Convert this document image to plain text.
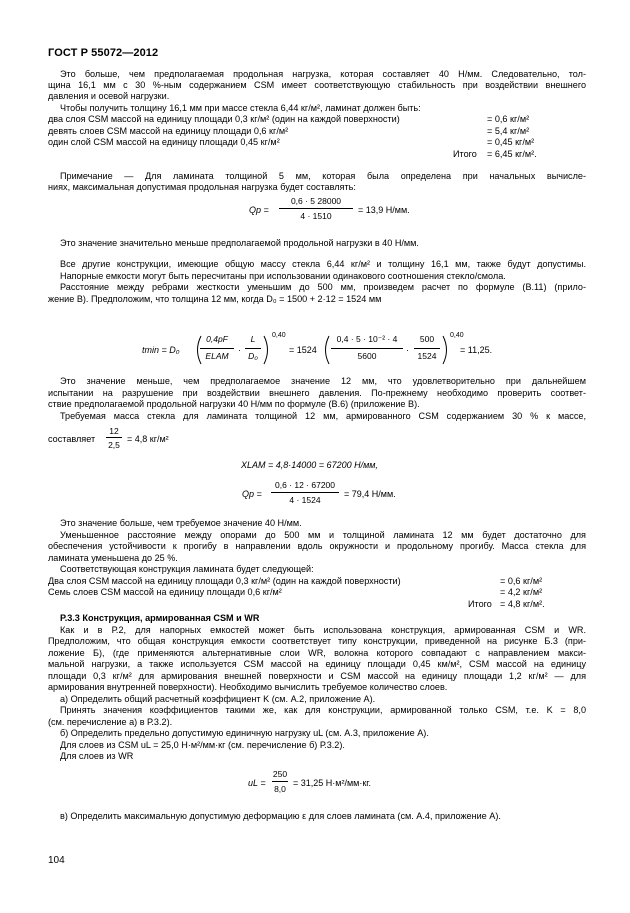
ГОСТ Р 55072—2012
Это больше, чем предполагаемая продольная нагрузка, которая составляет 40 Н/мм. Следовательно, тол-
щина 16,1 мм с 30 %-ным содержанием CSM имеет соответствующую стабильность при воздействии внешнего
давления и осевой нагрузки.
Чтобы получить толщину 16,1 мм при массе стекла 6,44 кг/м², ламинат должен быть:
два слоя CSM массой на единицу площади 0,3 кг/м² (один на каждой поверхности)	= 0,6 кг/м²
девять слоев CSM массой на единицу площади 0,6 кг/м²	= 5,4 кг/м²
один слой CSM массой на единицу площади 0,45 кг/м²	= 0,45 кг/м²
Итого = 6,45 кг/м².
Примечание — Для ламината толщиной 5 мм, которая была определена при начальных вычисле-
ниях, максимальная допустимая продольная нагрузка будет составлять:
Qp =
0,6 · 5 28000
4 · 1510
= 13,9 Н/мм.
Это значение значительно меньше предполагаемой продольной нагрузки в 40 Н/мм.
Все другие конструкции, имеющие общую массу стекла 6,44 кг/м² и толщину 16,1 мм, также будут допустимы.
Напорные емкости могут быть пересчитаны при использовании одинакового соотношения стекло/смола.
Расстояние между ребрами жесткости уменьшим до 500 мм, произведем расчет по формуле (В.11) (прило-
жение В). Предположим, что толщина 12 мм, когда D₀ = 1500 + 2·12 = 1524 мм
tmin = D₀
0,4pF
ELAM
·
L
D₀
0,40
= 1524
0,4 · 5 · 10⁻² · 4
5600
·
500
1524
0,40
= 11,25.
Это значение меньше, чем предполагаемое значение 12 мм, что удовлетворительно при дальнейшем
испытании на разрушение при воздействии внешнего давления. По-прежнему необходимо проверить соответ-
ствие предполагаемой продольной нагрузки 40 Н/мм по формуле (В.6) (приложение В).
Требуемая масса стекла для ламината толщиной 12 мм, армированного CSM содержанием 30 % к массе,
составляет
12
2,5
= 4,8 кг/м²
XLAM = 4,8·14000 = 67200 Н/мм,
Qp =
0,6 · 12 · 67200
4 · 1524
= 79,4 Н/мм.
Это значение больше, чем требуемое значение 40 Н/мм.
Уменьшенное расстояние между опорами до 500 мм и толщиной ламината 12 мм будет достаточно для
обеспечения устойчивости к прогибу в направлении вдоль окружности и продольному прогибу. Масса стекла для
ламината уменьшена до 25 %.
Соответствующая конструкция ламината будет следующей:
Два слоя CSM массой на единицу площади 0,3 кг/м² (один на каждой поверхности)	= 0,6 кг/м²
Семь слоев CSM массой на единицу площади 0,6 кг/м²	= 4,2 кг/м²
Итого = 4,8 кг/м².
Р.3.3 Конструкция, армированная CSM и WR
Как и в Р.2, для напорных емкостей может быть использована конструкция, армированная CSM и WR.
Предположим, что общая конструкция емкости соответствует типу конструкции, приведенной на рисунке Б.3 (при-
ложение Б), (где применяются альтернативные слои WR, волокна которого совпадают с направлением макси-
мальной нагрузки, а также используется CSM массой на единицу площади 0,45 км/м², CSM массой на единицу
площади 0,3 кг/м² для армирования внешней поверхности и CSM массой на единицу площади 1,2 кг/м² — для
армирования внутренней поверхности). Необходимо вычислить требуемое количество слоев.
а) Определить общий расчетный коэффициент K (см. А.2, приложение А).
Принять значения коэффициентов такими же, как для конструкции, армированной только CSM, т.е. K = 8,0
(см. перечисление а) в Р.3.2).
б) Определить предельно допустимую единичную нагрузку uL (см. А.3, приложение А).
Для слоев из CSM uL = 25,0 Н·м²/мм·кг (см. перечисление б) Р.3.2).
Для слоев из WR
uL =
250
8,0
= 31,25 Н·м²/мм·кг.
в) Определить максимальную допустимую деформацию ε для слоев ламината (см. А.4, приложение А).
104
